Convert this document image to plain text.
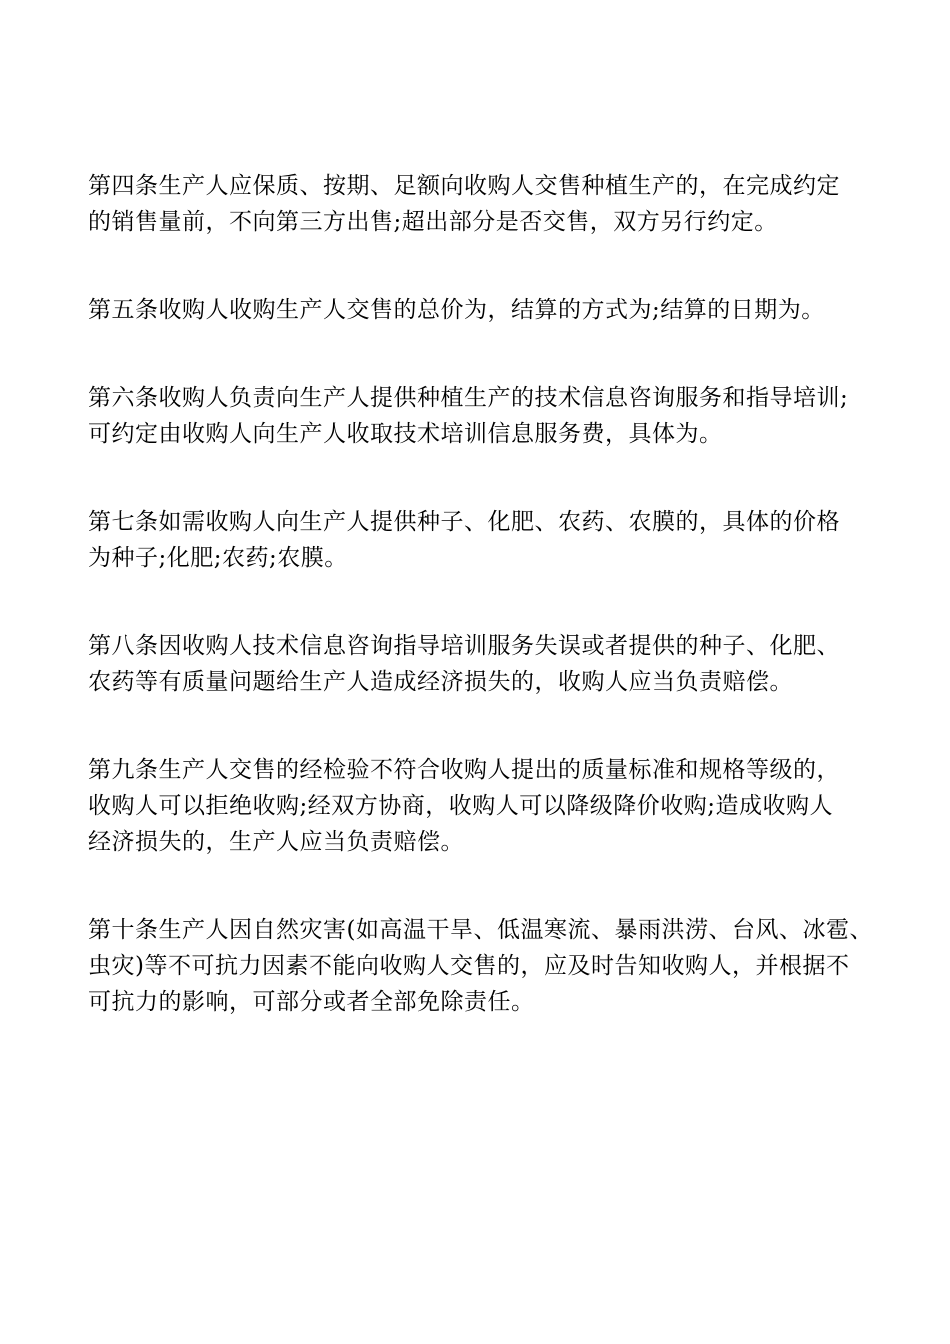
第四条生产人应保质、按期、足额向收购人交售种植生产的，在完成约定
的销售量前，不向第三方出售;超出部分是否交售，双方另行约定。
第五条收购人收购生产人交售的总价为，结算的方式为;结算的日期为。
第六条收购人负责向生产人提供种植生产的技术信息咨询服务和指导培训;
可约定由收购人向生产人收取技术培训信息服务费，具体为。
第七条如需收购人向生产人提供种子、化肥、农药、农膜的，具体的价格
为种子;化肥;农药;农膜。
第八条因收购人技术信息咨询指导培训服务失误或者提供的种子、化肥、
农药等有质量问题给生产人造成经济损失的，收购人应当负责赔偿。
第九条生产人交售的经检验不符合收购人提出的质量标准和规格等级的，
收购人可以拒绝收购;经双方协商，收购人可以降级降价收购;造成收购人
经济损失的，生产人应当负责赔偿。
第十条生产人因自然灾害(如高温干旱、低温寒流、暴雨洪涝、台风、冰雹、
虫灾)等不可抗力因素不能向收购人交售的，应及时告知收购人，并根据不
可抗力的影响，可部分或者全部免除责任。
